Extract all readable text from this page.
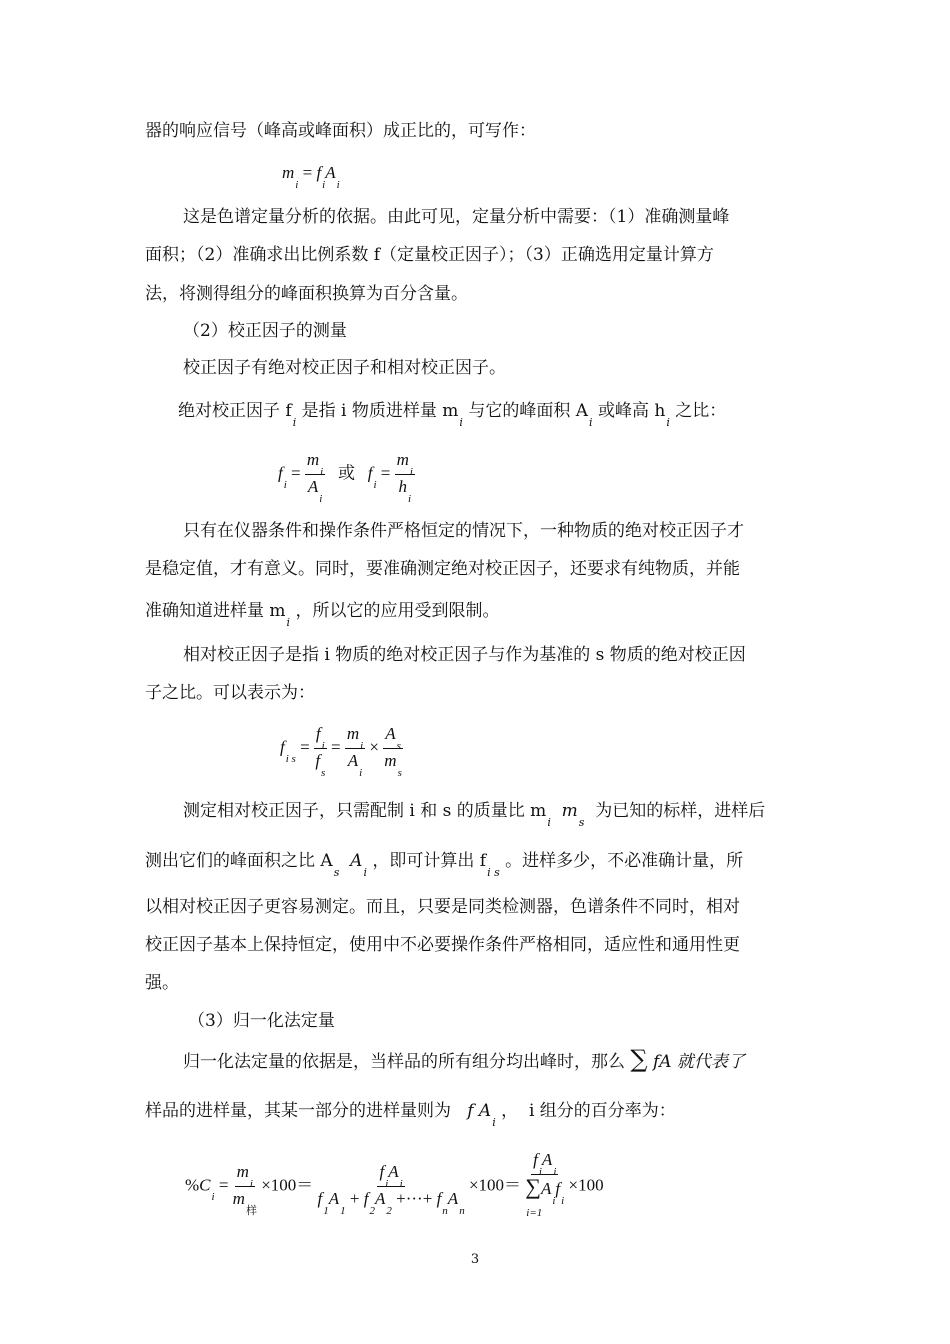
器的响应信号（峰高或峰面积）成正比的，可写作：
$m_i = f_iA_i$
这是色谱定量分析的依据。由此可见，定量分析中需要：（1）准确测量峰
面积；（2）准确求出比例系数 f（定量校正因子）；（3）正确选用定量计算方
法，将测得组分的峰面积换算为百分含量。
（2）校正因子的测量
校正因子有绝对校正因子和相对校正因子。
绝对校正因子 $f_i$ 是指 i 物质进样量 $m_i$ 与它的峰面积 $A_i$ 或峰高 $h_i$ 之比：
$f_i = \frac{m_i}{A_i}$ 或 $f_i = \frac{m_i}{h_i}$
只有在仪器条件和操作条件严格恒定的情况下，一种物质的绝对校正因子才
是稳定值，才有意义。同时，要准确测定绝对校正因子，还要求有纯物质，并能
准确知道进样量 $m_i$ ，所以它的应用受到限制。
相对校正因子是指 i 物质的绝对校正因子与作为基准的 s 物质的绝对校正因
子之比。可以表示为：
$f_{i s} = \frac{f_i}{f_s} = \frac{m_i}{A_i} \times \frac{A_s}{m_s}$
测定相对校正因子，只需配制 i 和 s 的质量比 $m_i$  $m_s$  为已知的标样，进样后
测出它们的峰面积之比 $A_s$  $A_i$ ，即可计算出 $f_{i s}$ 。进样多少，不必准确计量，所
以相对校正因子更容易测定。而且，只要是同类检测器，色谱条件不同时，相对
校正因子基本上保持恒定，使用中不必要操作条件严格相同，适应性和通用性更
强。
（3）归一化法定量
归一化法定量的依据是，当样品的所有组分均出峰时，那么 ∑ fA 就代表了
样品的进样量，其某一部分的进样量则为 f $A_i$ ， i 组分的百分率为：
$\%C_i = \frac{m_i}{m_样} \times 100= \frac{f_iA_i}{f_1A_1 + f_2A_2 +\cdot\cdot\cdot+ f_nA_n} \times 100=$
$f_iA_i$
$\sum A_if_i$
i=1
×100
3
